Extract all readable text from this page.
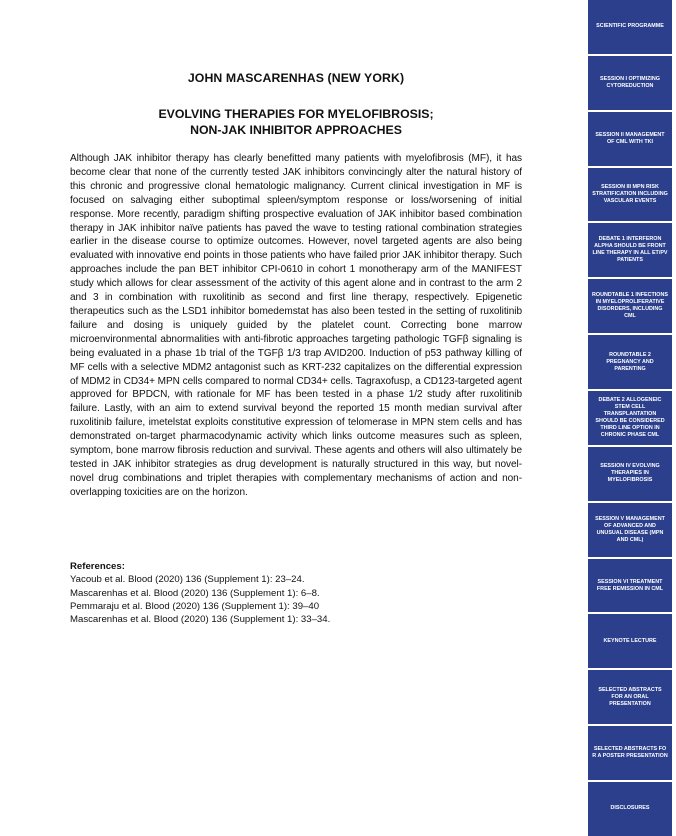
JOHN MASCARENHAS (NEW YORK)
EVOLVING THERAPIES FOR MYELOFIBROSIS;
NON-JAK INHIBITOR APPROACHES

Although JAK inhibitor therapy has clearly benefitted many patients with myelofibrosis (MF), it has become clear that none of the currently tested JAK inhibitors convincingly alter the natural history of this chronic and progressive clonal hematologic malignancy. Current clinical investigation in MF is focused on salvaging either suboptimal spleen/symptom response or loss/worsening of initial response. More recently, paradigm shifting prospective evaluation of JAK inhibitor based combination therapy in JAK inhibitor naïve patients has paved the wave to testing rational combination strategies earlier in the disease course to optimize outcomes. However, novel targeted agents are also being evaluated with innovative end points in those patients who have failed prior JAK inhibitor therapy. Such approaches include the pan BET inhibitor CPI-0610 in cohort 1 monotherapy arm of the MANIFEST study which allows for clear assessment of the activity of this agent alone and in contrast to the arm 2 and 3 in combination with ruxolitinib as second and first line therapy, respectively. Epigenetic therapeutics such as the LSD1 inhibitor bomedemstat has also been tested in the setting of ruxolitinib failure and dosing is uniquely guided by the platelet count. Correcting bone marrow microenvironmental abnormalities with anti-fibrotic approaches targeting pathologic TGFβ signaling is being evaluated in a phase 1b trial of the TGFβ 1/3 trap AVID200. Induction of p53 pathway killing of MF cells with a selective MDM2 antagonist such as KRT-232 capitalizes on the differential expression of MDM2 in CD34+ MPN cells compared to normal CD34+ cells. Tagraxofusp, a CD123-targeted agent approved for BPDCN, with rationale for MF has been tested in a phase 1/2 study after ruxolitinib failure. Lastly, with an aim to extend survival beyond the reported 15 month median survival after ruxolitinib failure, imetelstat exploits constitutive expression of telomerase in MPN stem cells and has demonstrated on-target pharmacodynamic activity which links outcome measures such as spleen, symptom, bone marrow fibrosis reduction and survival. These agents and others will also ultimately be tested in JAK inhibitor strategies as drug development is naturally structured in this way, but novel-novel drug combinations and triplet therapies with complementary mechanisms of action and non-overlapping toxicities are on the horizon.

References:
Yacoub et al. Blood (2020) 136 (Supplement 1): 23–24.
Mascarenhas et al. Blood (2020) 136 (Supplement 1): 6–8.
Pemmaraju et al. Blood (2020) 136 (Supplement 1): 39–40
Mascarenhas et al. Blood (2020) 136 (Supplement 1): 33–34.
SCIENTIFIC PROGRAMME
SESSION I OPTIMIZING CYTOREDUCTION
SESSION II MANAGEMENT OF CML WITH TKI
SESSION III MPN RISK STRATIFICATION INCLUDING VASCULAR EVENTS
DEBATE 1 INTERFERON ALPHA SHOULD BE FRONT LINE THERAPY IN ALL ET/PV PATIENTS
ROUNDTABLE 1 INFECTIONS IN MYELOPROLIFERATIVE DISORDERS, INCLUDING CML
ROUNDTABLE 2 PREGNANCY AND PARENTING
DEBATE 2 ALLOGENEIC STEM CELL TRANSPLANTATION SHOULD BE CONSIDERED THIRD LINE OPTION IN CHRONIC PHASE CML
SESSION IV EVOLVING THERAPIES IN MYELOFIBROSIS
SESSION V MANAGEMENT OF ADVANCED AND UNUSUAL DISEASE (MPN AND CML)
SESSION VI TREATMENT FREE REMISSION IN CML
KEYNOTE LECTURE
SELECTED ABSTRACTS FOR AN ORAL PRESENTATION
SELECTED ABSTRACTS FO R A POSTER PRESENTATION
DISCLOSURES
